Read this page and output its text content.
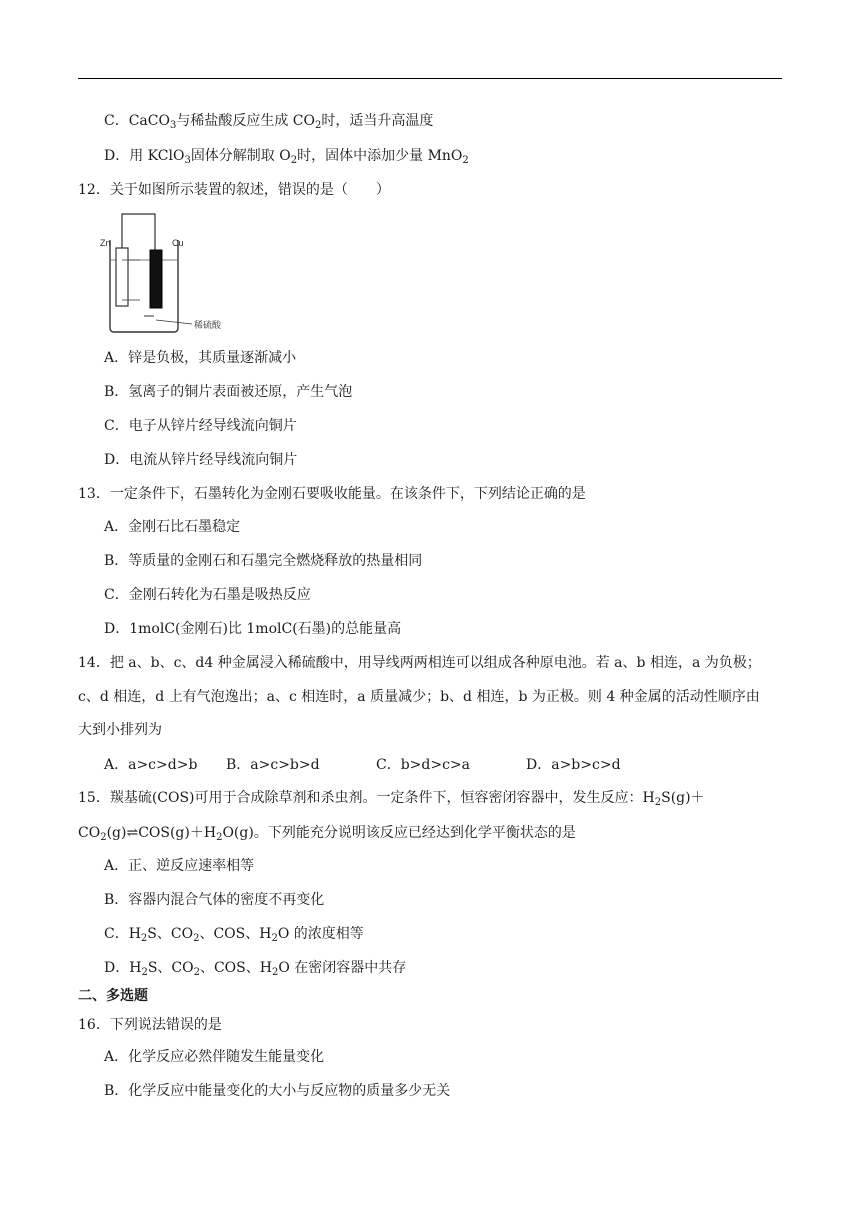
C．CaCO$_3$与稀盐酸反应生成 $CO_2$时，适当升高温度
D．用 KClO$_3$固体分解制取 $O_2$时，固体中添加少量 MnO$_2$
12．关于如图所示装置的叙述，错误的是（　　）
Zn	Cu
稀硫酸
A．锌是负极，其质量逐渐减小
B．氢离子的铜片表面被还原，产生气泡
C．电子从锌片经导线流向铜片
D．电流从锌片经导线流向铜片
13．一定条件下，石墨转化为金刚石要吸收能量。在该条件下，下列结论正确的是
A．金刚石比石墨稳定
B．等质量的金刚石和石墨完全燃烧释放的热量相同
C．金刚石转化为石墨是吸热反应
D．1molC(金刚石)比 1molC(石墨)的总能量高
14．把 a、b、c、d4 种金属浸入稀硫酸中，用导线两两相连可以组成各种原电池。若 a、b 相连，a 为负极；
c、d 相连，d 上有气泡逸出；a、c 相连时，a 质量减少；b、d 相连，b 为正极。则 4 种金属的活动性顺序由
大到小排列为
A．a>c>d>b B．a>c>b>d	C．b>d>c>a	D．a>b>c>d
15．羰基硫(COS)可用于合成除草剂和杀虫剂。一定条件下，恒容密闭容器中，发生反应：$H_2S(g)+$
$CO_2(g)\rightleftharpoons COS(g)+H_2O(g)$。下列能充分说明该反应已经达到化学平衡状态的是
A．正、逆反应速率相等
B．容器内混合气体的密度不再变化
C．$H_2S$、$CO_2$、COS、$H_2O$ 的浓度相等
D．$H_2S$、$CO_2$、COS、$H_2O$ 在密闭容器中共存
二、多选题
16．下列说法错误的是
A．化学反应必然伴随发生能量变化
B．化学反应中能量变化的大小与反应物的质量多少无关
